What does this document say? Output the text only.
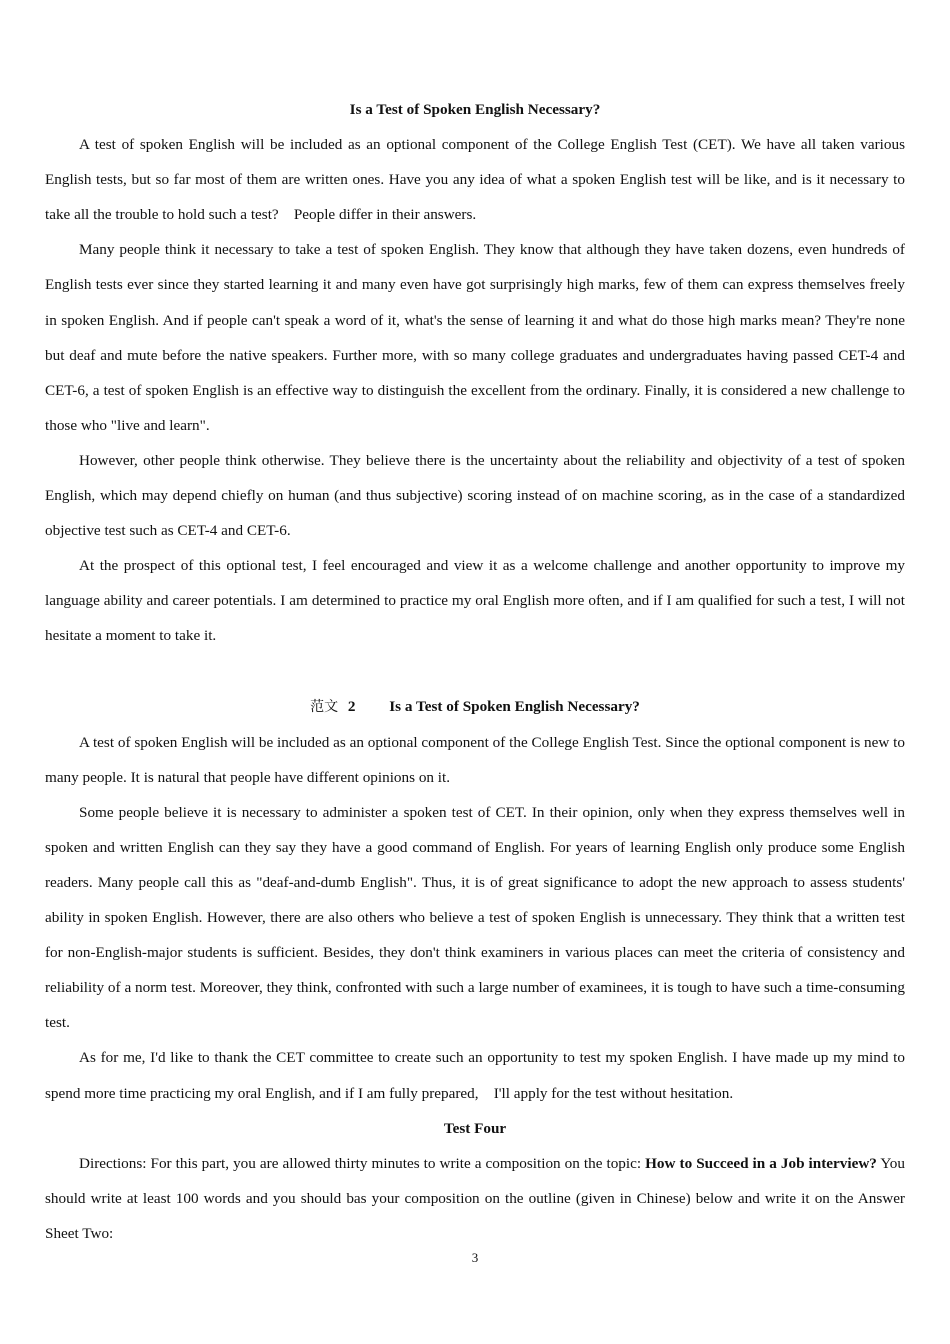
Is a Test of Spoken English Necessary?

A test of spoken English will be included as an optional component of the College English Test (CET). We have all taken various English tests, but so far most of them are written ones. Have you any idea of what a spoken English test will be like, and is it necessary to take all the trouble to hold such a test?　People differ in their answers.

Many people think it necessary to take a test of spoken English. They know that although they have taken dozens, even hundreds of English tests ever since they started learning it and many even have got surprisingly high marks, few of them can express themselves freely in spoken English. And if people can't speak a word of it, what's the sense of learning it and what do those high marks mean? They're none but deaf and mute before the native speakers. Further more, with so many college graduates and undergraduates having passed CET-4 and CET-6, a test of spoken English is an effective way to distinguish the excellent from the ordinary. Finally, it is considered a new challenge to those who "live and learn".

However, other people think otherwise. They believe there is the uncertainty about the reliability and objectivity of a test of spoken English, which may depend chiefly on human (and thus subjective) scoring instead of on machine scoring, as in the case of a standardized objective test such as CET-4 and CET-6.

At the prospect of this optional test, I feel encouraged and view it as a welcome challenge and another opportunity to improve my language ability and career potentials. I am determined to practice my oral English more often, and if I am qualified for such a test, I will not hesitate a moment to take it.

范文 2 Is a Test of Spoken English Necessary?

A test of spoken English will be included as an optional component of the College English Test. Since the optional component is new to many people. It is natural that people have different opinions on it.

Some people believe it is necessary to administer a spoken test of CET. In their opinion, only when they express themselves well in spoken and written English can they say they have a good command of English. For years of learning English only produce some English readers. Many people call this as "deaf-and-dumb English". Thus, it is of great significance to adopt the new approach to assess students' ability in spoken English. However, there are also others who believe a test of spoken English is unnecessary. They think that a written test for non-English-major students is sufficient. Besides, they don't think examiners in various places can meet the criteria of consistency and reliability of a norm test. Moreover, they think, confronted with such a large number of examinees, it is tough to have such a time-consuming test.

As for me, I'd like to thank the CET committee to create such an opportunity to test my spoken English. I have made up my mind to spend more time practicing my oral English, and if I am fully prepared,　I'll apply for the test without hesitation.

Test Four

Directions: For this part, you are allowed thirty minutes to write a composition on the topic: How to Succeed in a Job interview? You should write at least 100 words and you should bas your composition on the outline (given in Chinese) below and write it on the Answer Sheet Two:

3
